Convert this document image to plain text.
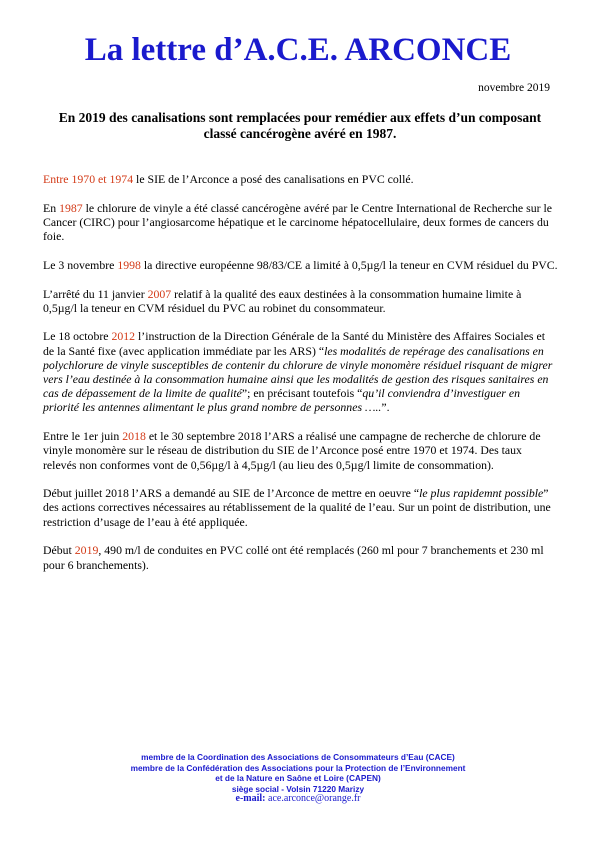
La lettre d’A.C.E. ARCONCE

novembre 2019

En 2019 des canalisations sont remplacées pour remédier aux effets d’un composant classé cancérogène avéré en 1987.

Entre 1970 et 1974 le SIE de l’Arconce a posé des canalisations en PVC collé.

En 1987 le chlorure de vinyle a été classé cancérogène avéré par le Centre International de Recherche sur le Cancer (CIRC) pour l’angiosarcome hépatique et le carcinome hépatocellulaire, deux formes de cancers du foie.

Le 3 novembre 1998 la directive européenne 98/83/CE a limité à 0,5µg/l la teneur en CVM résiduel du PVC.

L’arrêté du 11 janvier 2007 relatif à la qualité des eaux destinées à la consommation humaine limite à 0,5µg/l la teneur en CVM résiduel du PVC au robinet du consommateur.

Le 18 octobre 2012 l’instruction de la Direction Générale de la Santé du Ministère des Affaires Sociales et de la Santé fixe (avec application immédiate par les ARS) “les modalités de repérage des canalisations en polychlorure de vinyle susceptibles de contenir du chlorure de vinyle monomère résiduel risquant de migrer vers l’eau destinée à la consommation humaine ainsi que les modalités de gestion des risques sanitaires en cas de dépassement de la limite de qualité”; en précisant toutefois “qu’il conviendra d’investiguer en priorité les antennes alimentant le plus grand nombre de personnes …..”.

Entre le 1er juin 2018 et le 30 septembre 2018 l’ARS a réalisé une campagne de recherche de chlorure de vinyle monomère sur le réseau de distribution du SIE de l’Arconce posé entre 1970 et 1974. Des taux relevés non conformes vont de 0,56µg/l à 4,5µg/l (au lieu des 0,5µg/l limite de consommation).

Début juillet 2018 l’ARS a demandé au SIE de l’Arconce de mettre en oeuvre “le plus rapidemnt possible” des actions correctives nécessaires au rétablissement de la qualité de l’eau. Sur un point de distribution, une restriction d’usage de l’eau à été appliquée.

Début 2019, 490 m/l de conduites en PVC collé ont été remplacés (260 ml pour 7 branchements et 230 ml pour 6 branchements).

membre de la Coordination des Associations de Consommateurs d’Eau (CACE)
membre de la Confédération des Associations pour la Protection de l’Environnement
et de la Nature en Saône et Loire (CAPEN)
siège social - Volsin 71220 Marizy
e-mail: ace.arconce@orange.fr
